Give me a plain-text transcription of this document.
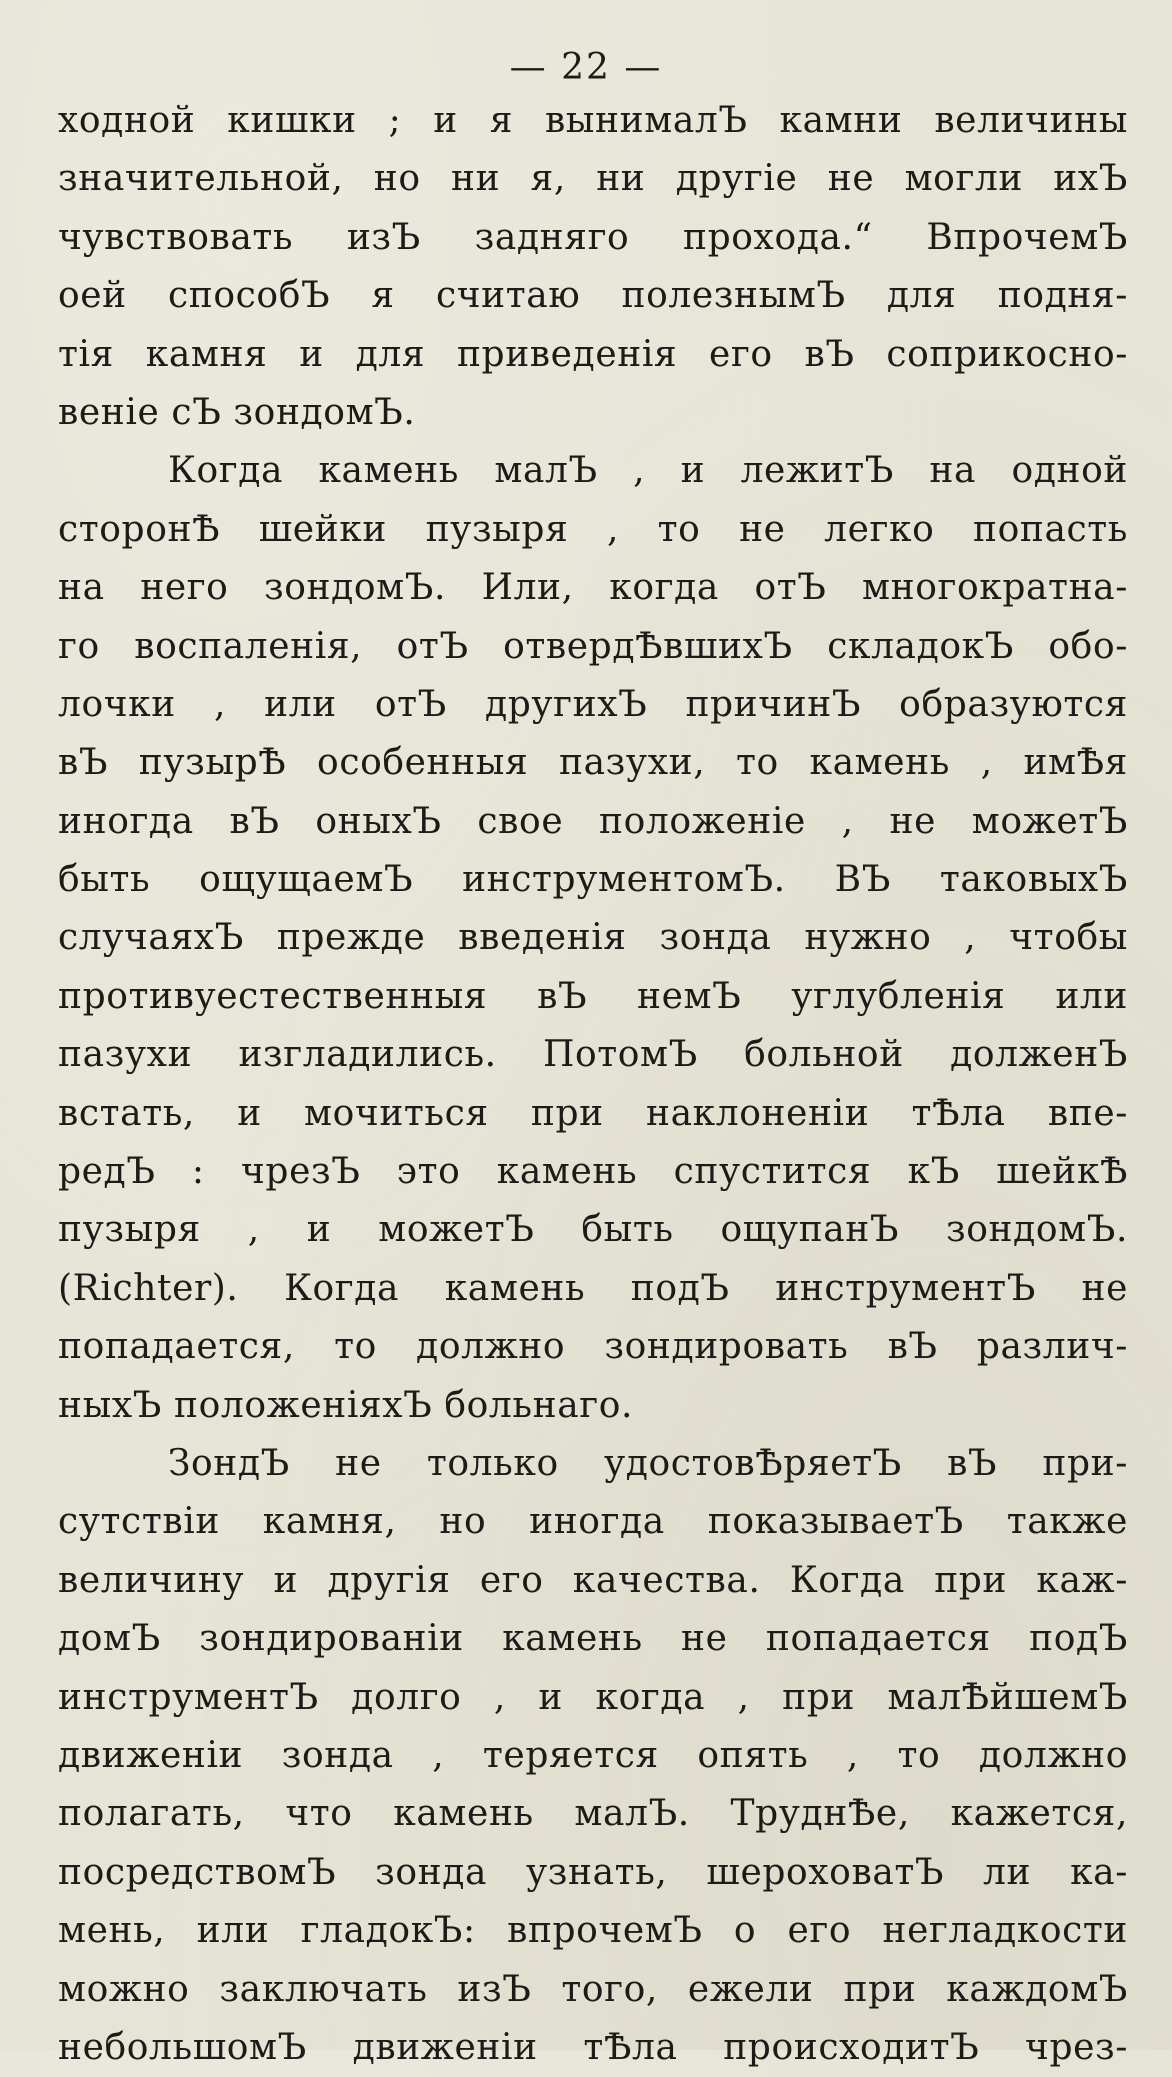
— 22 —
ходной кишки ; и я вынималЪ камни величины
значительной, но ни я, ни другіе не могли ихЪ
чувствовать изЪ задняго прохода.“ ВпрочемЪ
оей способЪ я считаю полезнымЪ для подня-
тія камня и для приведенія его вЪ соприкосно-
веніе сЪ зондомЪ.
Когда камень малЪ , и лежитЪ на одной
сторонѢ шейки пузыря , то не легко попасть
на него зондомЪ. Или, когда отЪ многократна-
го воспаленія, отЪ отвердѢвшихЪ складокЪ обо-
лочки , или отЪ другихЪ причинЪ образуются
вЪ пузырѢ особенныя пазухи, то камень , имѢя
иногда вЪ оныхЪ свое положеніе , не можетЪ
быть ощущаемЪ инструментомЪ. ВЪ таковыхЪ
случаяхЪ прежде введенія зонда нужно , чтобы
противуестественныя вЪ немЪ углубленія или
пазухи изгладились. ПотомЪ больной долженЪ
встать, и мочиться при наклоненіи тѢла впе-
редЪ : чрезЪ это камень спустится кЪ шейкѢ
пузыря , и можетЪ быть ощупанЪ зондомЪ.
(Richter). Когда камень подЪ инструментЪ не
попадается, то должно зондировать вЪ различ-
ныхЪ положеніяхЪ больнаго.
ЗондЪ не только удостовѢряетЪ вЪ при-
сутствіи камня, но иногда показываетЪ также
величину и другія его качества. Когда при каж-
домЪ зондированіи камень не попадается подЪ
инструментЪ долго , и когда , при малѢйшемЪ
движеніи зонда , теряется опять , то должно
полагать, что камень малЪ. ТруднѢе, кажется,
посредствомЪ зонда узнать, шероховатЪ ли ка-
мень, или гладокЪ: впрочемЪ о его негладкости
можно заключать изЪ того, ежели при каждомЪ
небольшомЪ движеніи тѢла происходитЪ чрез-
